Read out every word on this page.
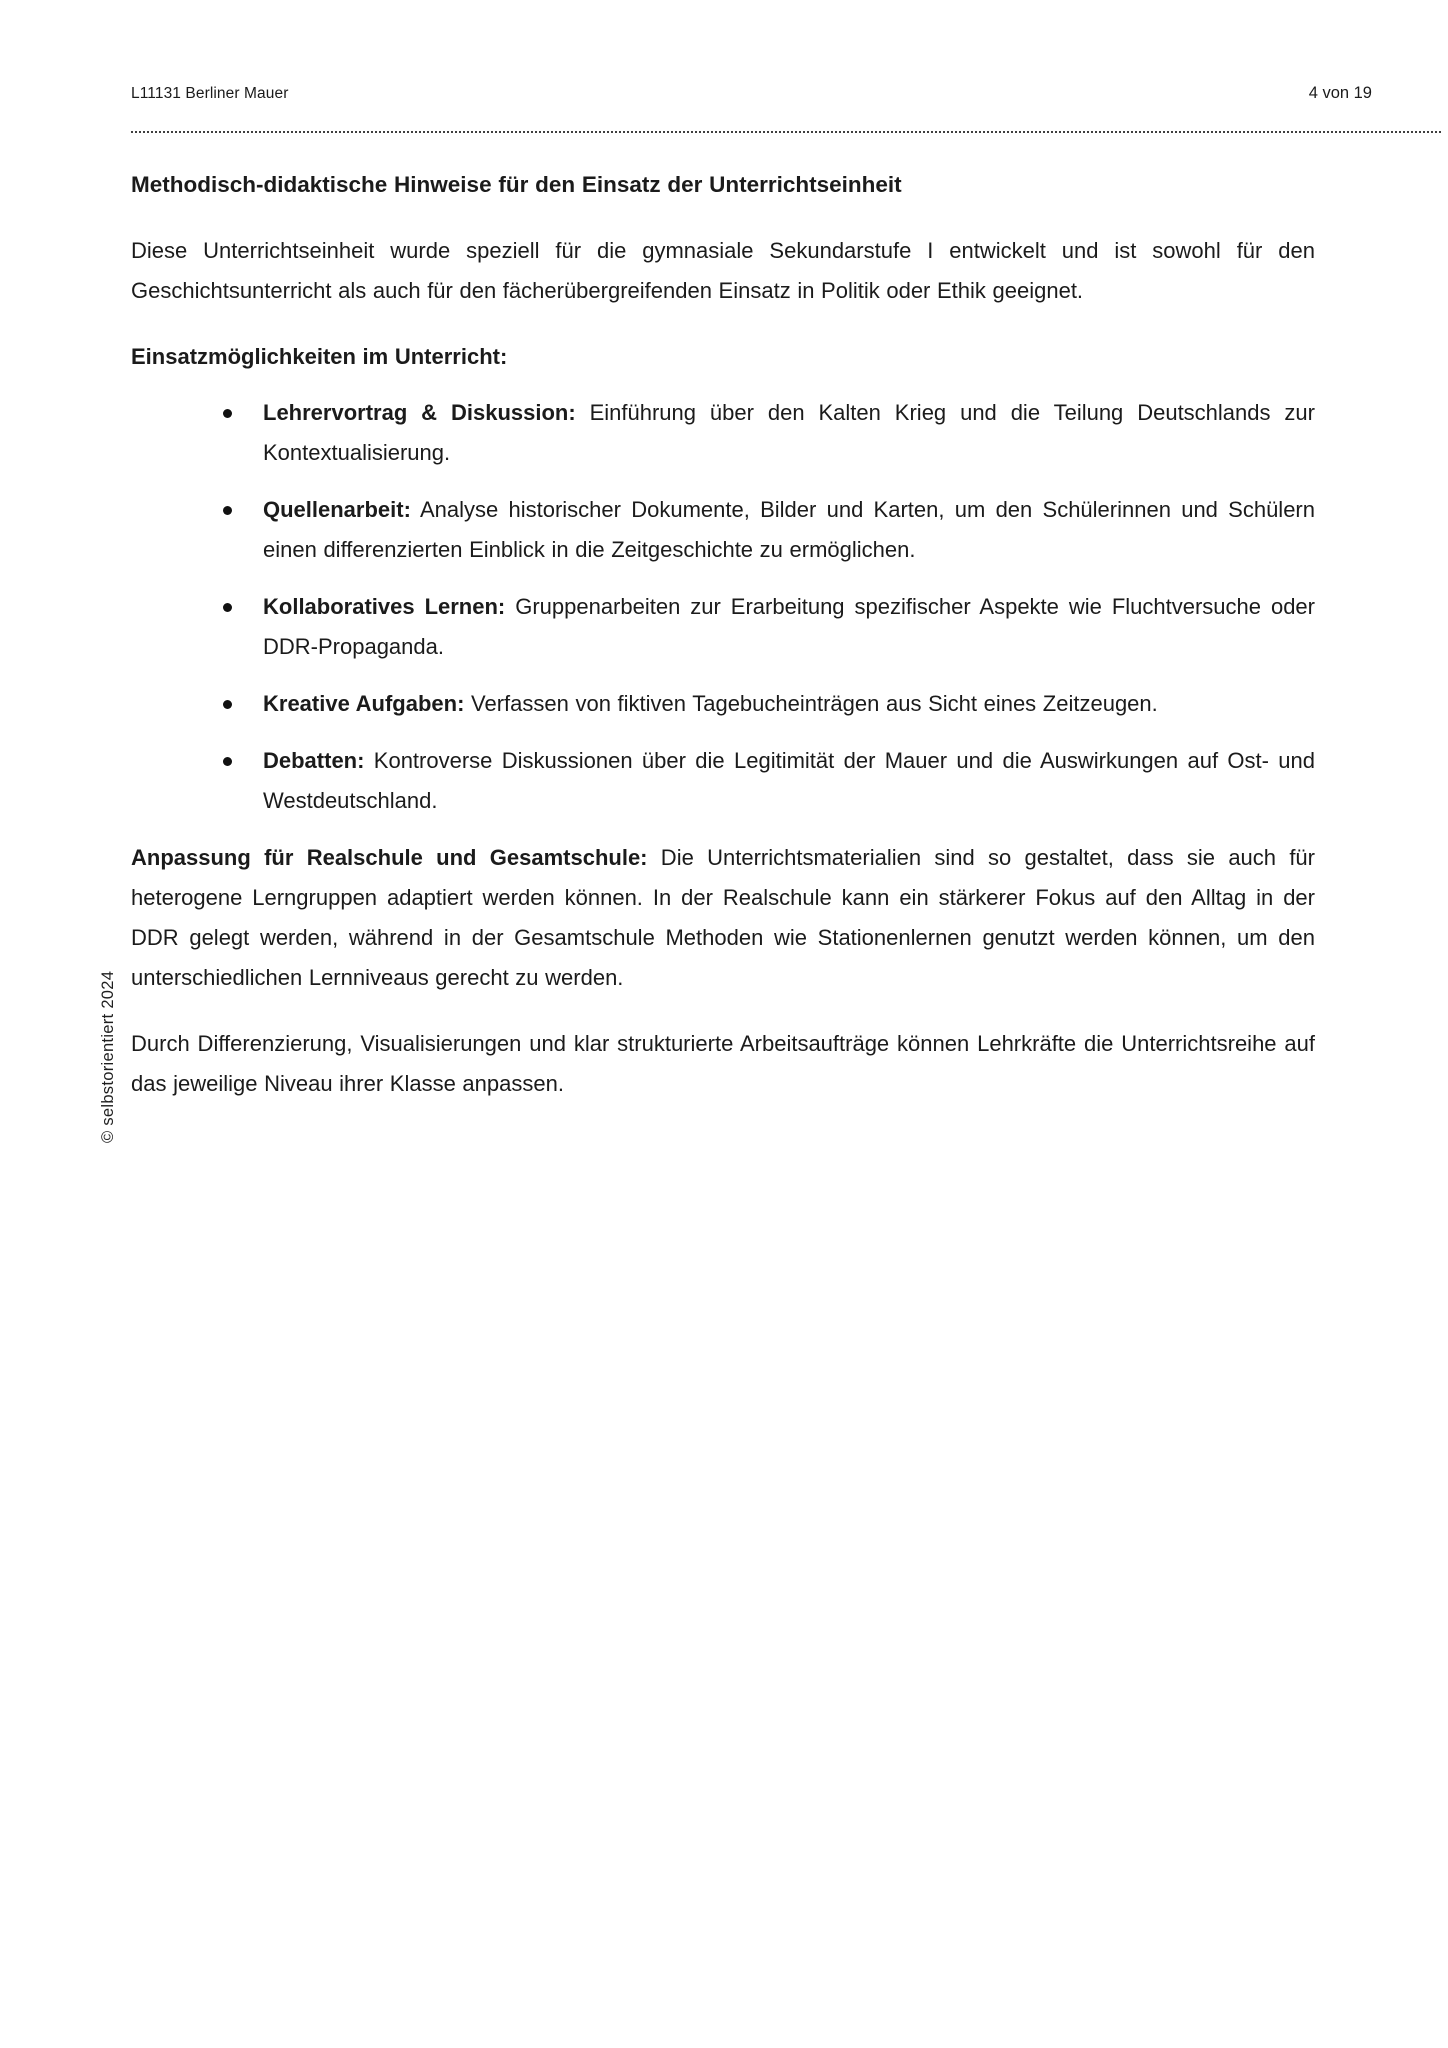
L11131 Berliner Mauer	4 von 19
© selbstorientiert 2024
Methodisch-didaktische Hinweise für den Einsatz der Unterrichtseinheit

Diese Unterrichtseinheit wurde speziell für die gymnasiale Sekundarstufe I entwickelt und ist sowohl für den Geschichtsunterricht als auch für den fächerübergreifenden Einsatz in Politik oder Ethik geeignet.

Einsatzmöglichkeiten im Unterricht:
Lehrervortrag & Diskussion: Einführung über den Kalten Krieg und die Teilung Deutschlands zur Kontextualisierung.
Quellenarbeit: Analyse historischer Dokumente, Bilder und Karten, um den Schülerinnen und Schülern einen differenzierten Einblick in die Zeitgeschichte zu ermöglichen.
Kollaboratives Lernen: Gruppenarbeiten zur Erarbeitung spezifischer Aspekte wie Fluchtversuche oder DDR-Propaganda.
Kreative Aufgaben: Verfassen von fiktiven Tagebucheinträgen aus Sicht eines Zeitzeugen.
Debatten: Kontroverse Diskussionen über die Legitimität der Mauer und die Auswirkungen auf Ost- und Westdeutschland.

Anpassung für Realschule und Gesamtschule: Die Unterrichtsmaterialien sind so gestaltet, dass sie auch für heterogene Lerngruppen adaptiert werden können. In der Realschule kann ein stärkerer Fokus auf den Alltag in der DDR gelegt werden, während in der Gesamtschule Methoden wie Stationenlernen genutzt werden können, um den unterschiedlichen Lernniveaus gerecht zu werden.

Durch Differenzierung, Visualisierungen und klar strukturierte Arbeitsaufträge können Lehrkräfte die Unterrichtsreihe auf das jeweilige Niveau ihrer Klasse anpassen.
